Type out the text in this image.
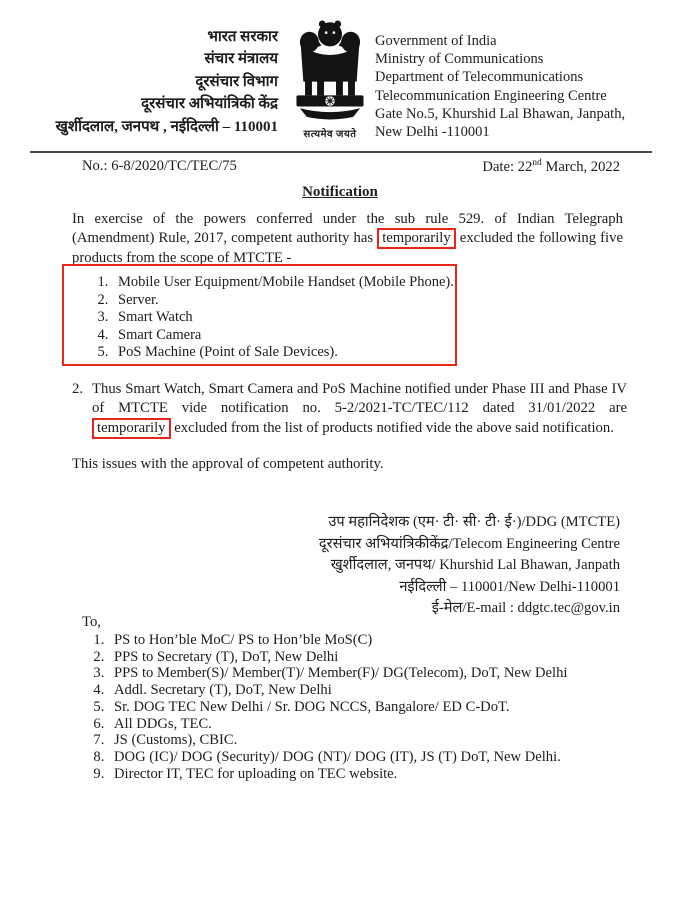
भारत सरकार
संचार मंत्रालय
दूरसंचार विभाग
दूरसंचार अभियांत्रिकी केंद्र
खुर्शीदलाल, जनपथ , नईदिल्ली – 110001	सत्यमेव जयते
Government of India
Ministry of Communications
Department of Telecommunications
Telecommunication Engineering Centre
Gate No.5, Khurshid Lal Bhawan, Janpath,
New Delhi -110001
No.: 6-8/2020/TC/TEC/75	Date: 22nd March, 2022
Notification
In exercise of the powers conferred under the sub rule 529. of Indian Telegraph (Amendment) Rule, 2017, competent authority has temporarily excluded the following five products from the scope of MTCTE -
1. Mobile User Equipment/Mobile Handset (Mobile Phone).
2. Server.
3. Smart Watch
4. Smart Camera
5. PoS Machine (Point of Sale Devices).
2. Thus Smart Watch, Smart Camera and PoS Machine notified under Phase III and Phase IV of MTCTE vide notification no. 5-2/2021-TC/TEC/112 dated 31/01/2022 are temporarily excluded from the list of products notified vide the above said notification.
This issues with the approval of competent authority.
उप महानिदेशक (एम· टी· सी· टी· ई·)/DDG (MTCTE)
दूरसंचार अभियांत्रिकीकेंद्र/Telecom Engineering Centre
खुर्शीदलाल, जनपथ/ Khurshid Lal Bhawan, Janpath
नईदिल्ली – 110001/New Delhi-110001
ई-मेल/E-mail : ddgtc.tec@gov.in
To,
1. PS to Hon’ble MoC/ PS to Hon’ble MoS(C)
2. PPS to Secretary (T), DoT, New Delhi
3. PPS to Member(S)/ Member(T)/ Member(F)/ DG(Telecom), DoT, New Delhi
4. Addl. Secretary (T), DoT, New Delhi
5. Sr. DOG TEC New Delhi / Sr. DOG NCCS, Bangalore/ ED C-DoT.
6. All DDGs, TEC.
7. JS (Customs), CBIC.
8. DOG (IC)/ DOG (Security)/ DOG (NT)/ DOG (IT), JS (T) DoT, New Delhi.
9. Director IT, TEC for uploading on TEC website.
